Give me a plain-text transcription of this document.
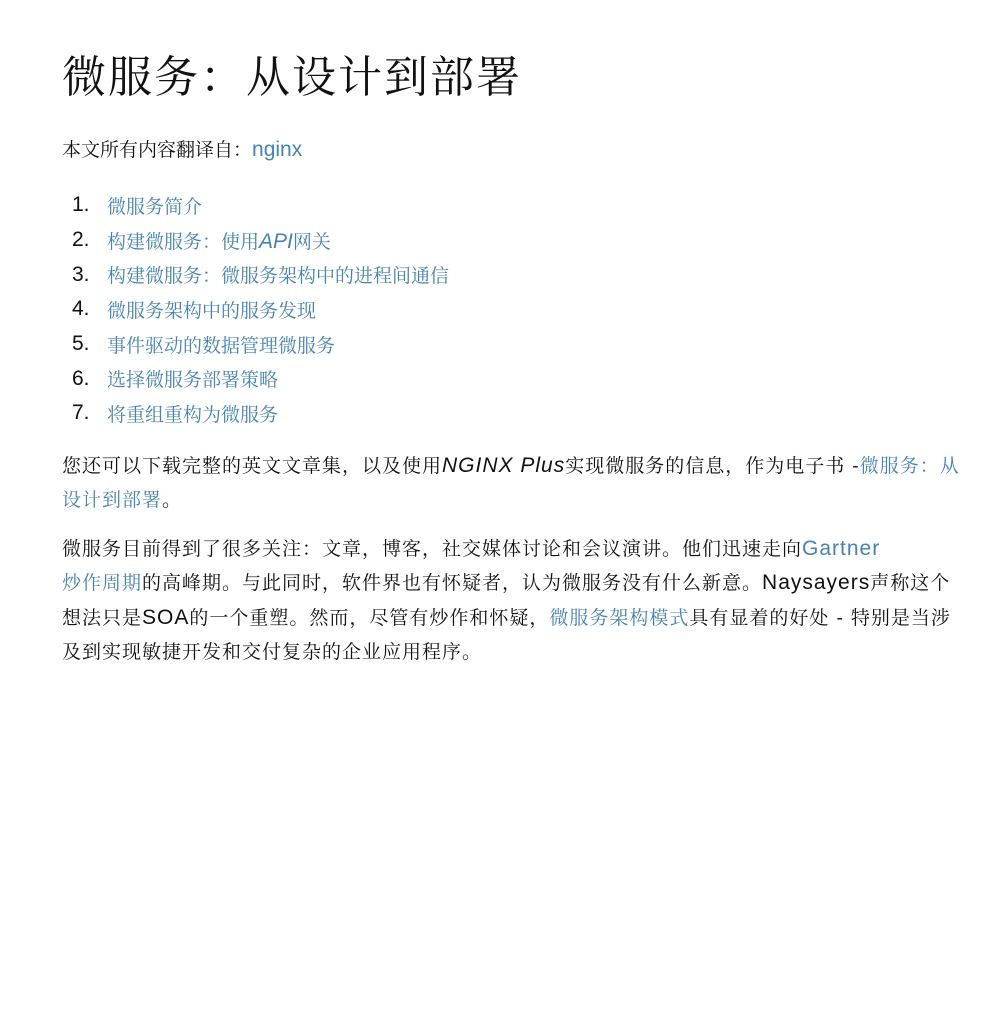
微服务：从设计到部署
本文所有内容翻译自：nginx
1. 微服务简介
2. 构建微服务：使用API网关
3. 构建微服务：微服务架构中的进程间通信
4. 微服务架构中的服务发现
5. 事件驱动的数据管理微服务
6. 选择微服务部署策略
7. 将重组重构为微服务

您还可以下载完整的英文文章集，以及使用NGINX Plus实现微服务的信息，作为电子书 -微服务：从设计到部署。

微服务目前得到了很多关注：文章，博客，社交媒体讨论和会议演讲。他们迅速走向Gartner
炒作周期的高峰期。与此同时，软件界也有怀疑者，认为微服务没有什么新意。Naysayers声称这个想法只是SOA的一个重塑。然而，尽管有炒作和怀疑，微服务架构模式具有显着的好处 - 特别是当涉及到实现敏捷开发和交付复杂的企业应用程序。
